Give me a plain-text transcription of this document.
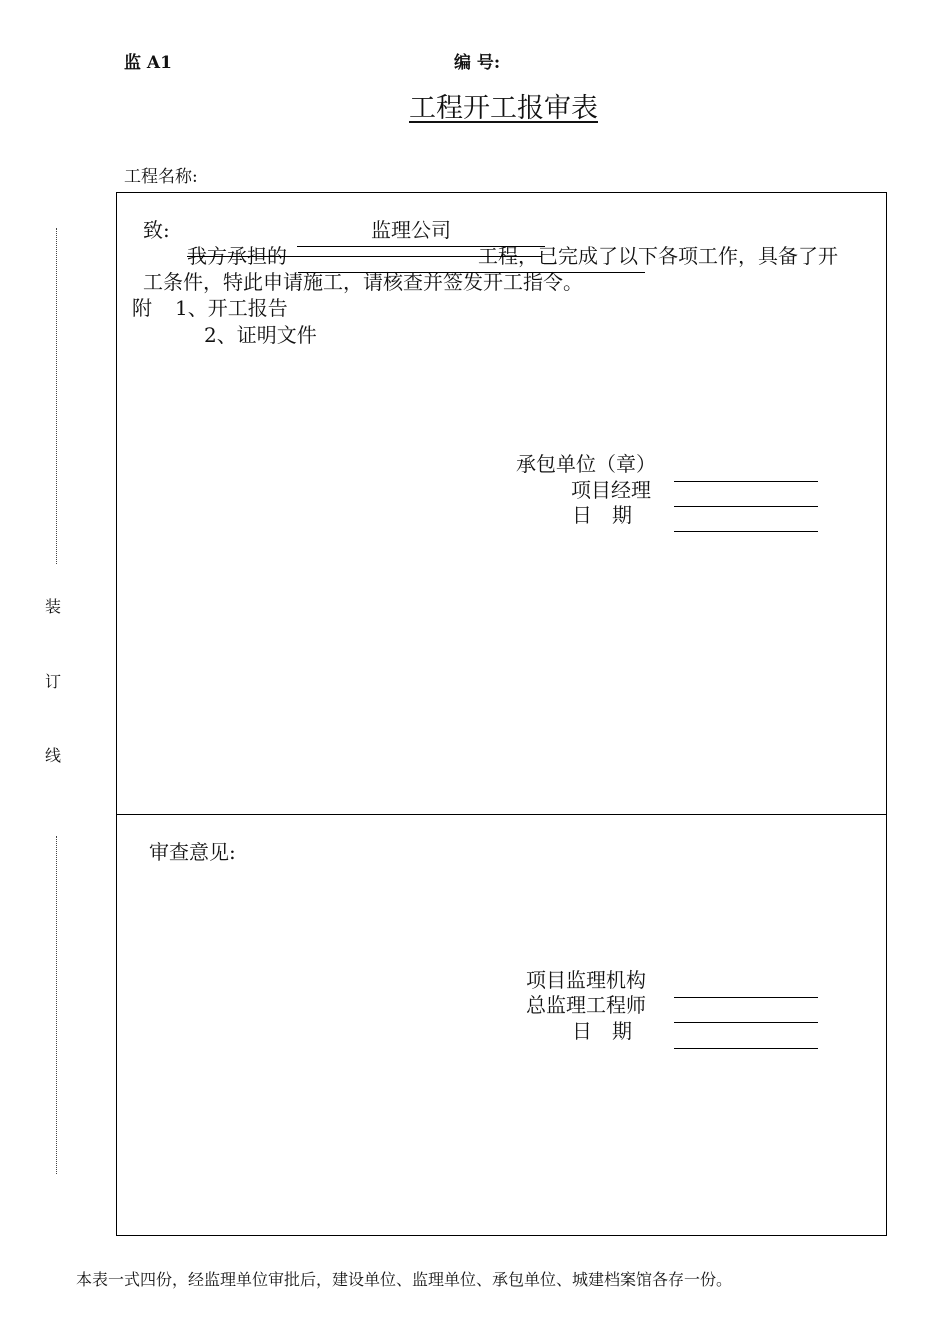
监 A1	编 号:
工程开工报审表
工程名称:
装
订
线
致:	监理公司
我方承担的	工程，已完成了以下各项工作，具备了开
工条件，特此申请施工，请核查并签发开工指令。
附 1、开工报告
2、证明文件
承包单位（章）
项目经理
日　期
审查意见:
项目监理机构
总监理工程师
日　期
本表一式四份，经监理单位审批后，建设单位、监理单位、承包单位、城建档案馆各存一份。
